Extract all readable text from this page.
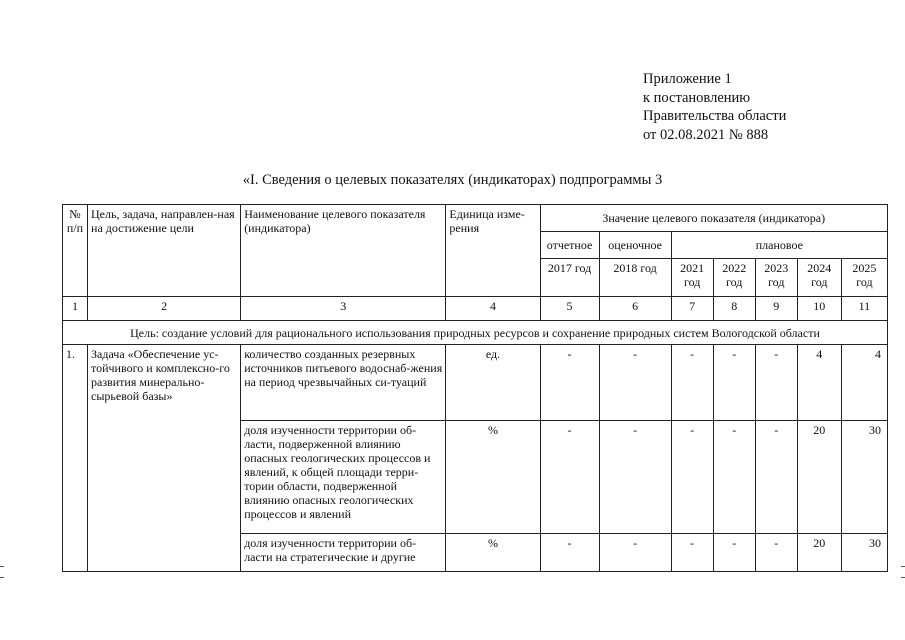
Приложение 1
к постановлению
Правительства области
от 02.08.2021 № 888
«I. Сведения о целевых показателях (индикаторах) подпрограммы 3
№ п/п	Цель, задача, направлен-ная на достижение цели	Наименование целевого показателя (индикатора)	Единица изме-рения	Значение целевого показателя (индикатора)						
				отчетное	оценочное	плановое				
				2017 год	2018 год	2021 год	2022 год	2023 год	2024 год	2025 год
1	2	3	4	5	6	7	8	9	10	11
Цель: создание условий для рационального использования природных ресурсов и сохранение природных систем Вологодской области										
1.	Задача «Обеспечение ус-тойчивого и комплексно-го развития минерально-сырьевой базы»	количество созданных резервных источников питьевого водоснаб-жения на период чрезвычайных си-туаций	ед.	-	-	-	-	-	4	4
		доля изученности территории об-ласти, подверженной влиянию опасных геологических процессов и явлений, к общей площади терри-тории области, подверженной влиянию опасных геологических процессов и явлений	%	-	-	-	-	-	20	30
		доля изученности территории об-ласти на стратегические и другие	%	-	-	-	-	-	20	30
